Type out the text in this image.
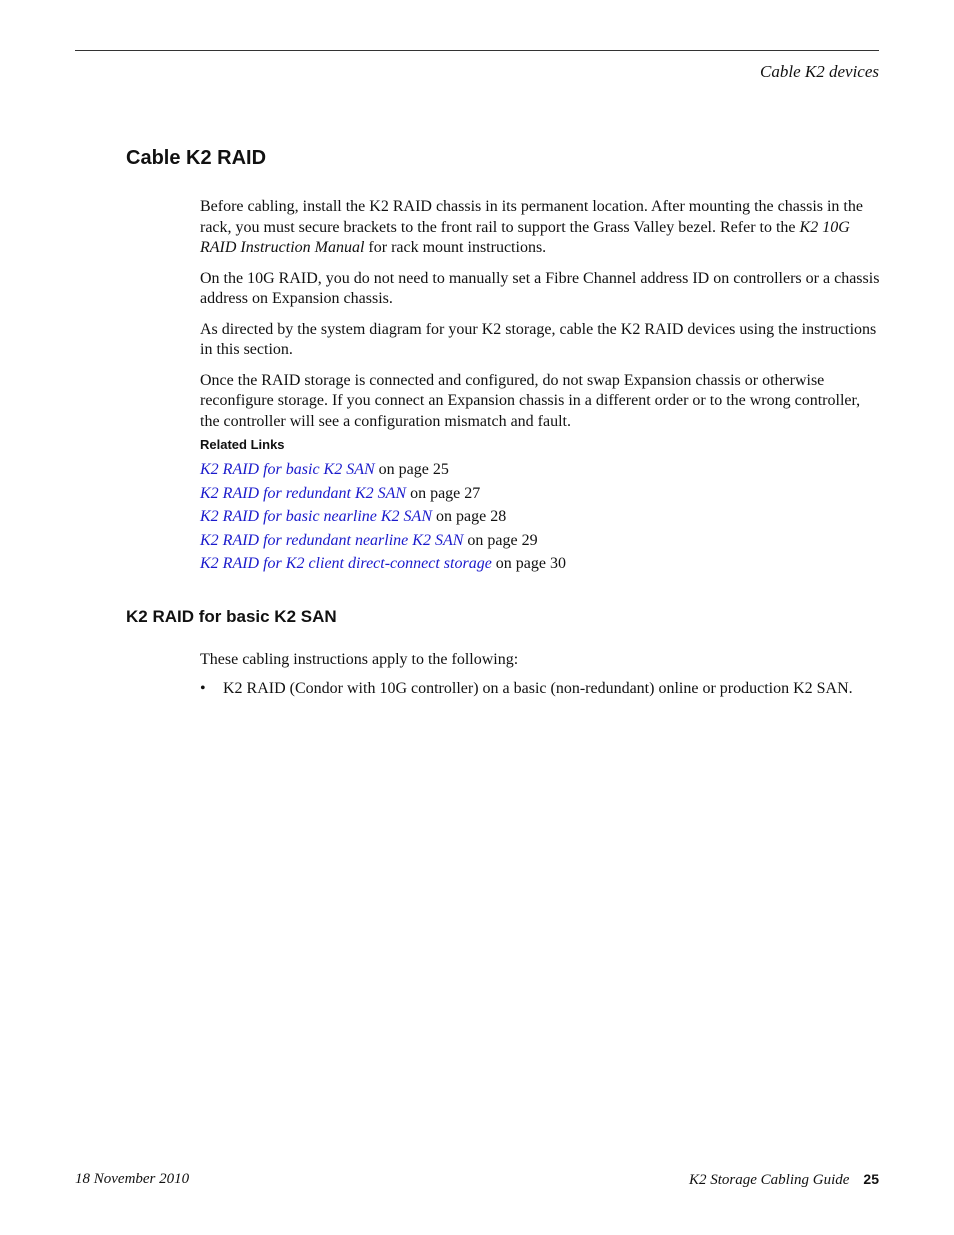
Cable K2 devices
Cable K2 RAID

Before cabling, install the K2 RAID chassis in its permanent location. After mounting the chassis in the rack, you must secure brackets to the front rail to support the Grass Valley bezel. Refer to the K2 10G RAID Instruction Manual for rack mount instructions.

On the 10G RAID, you do not need to manually set a Fibre Channel address ID on controllers or a chassis address on Expansion chassis.

As directed by the system diagram for your K2 storage, cable the K2 RAID devices using the instructions in this section.

Once the RAID storage is connected and configured, do not swap Expansion chassis or otherwise reconfigure storage. If you connect an Expansion chassis in a different order or to the wrong controller, the controller will see a configuration mismatch and fault.

Related Links
K2 RAID for basic K2 SAN on page 25
K2 RAID for redundant K2 SAN on page 27
K2 RAID for basic nearline K2 SAN on page 28
K2 RAID for redundant nearline K2 SAN on page 29
K2 RAID for K2 client direct-connect storage on page 30
K2 RAID for basic K2 SAN

These cabling instructions apply to the following:

• K2 RAID (Condor with 10G controller) on a basic (non-redundant) online or production K2 SAN.
18 November 2010	K2 Storage Cabling Guide 25
